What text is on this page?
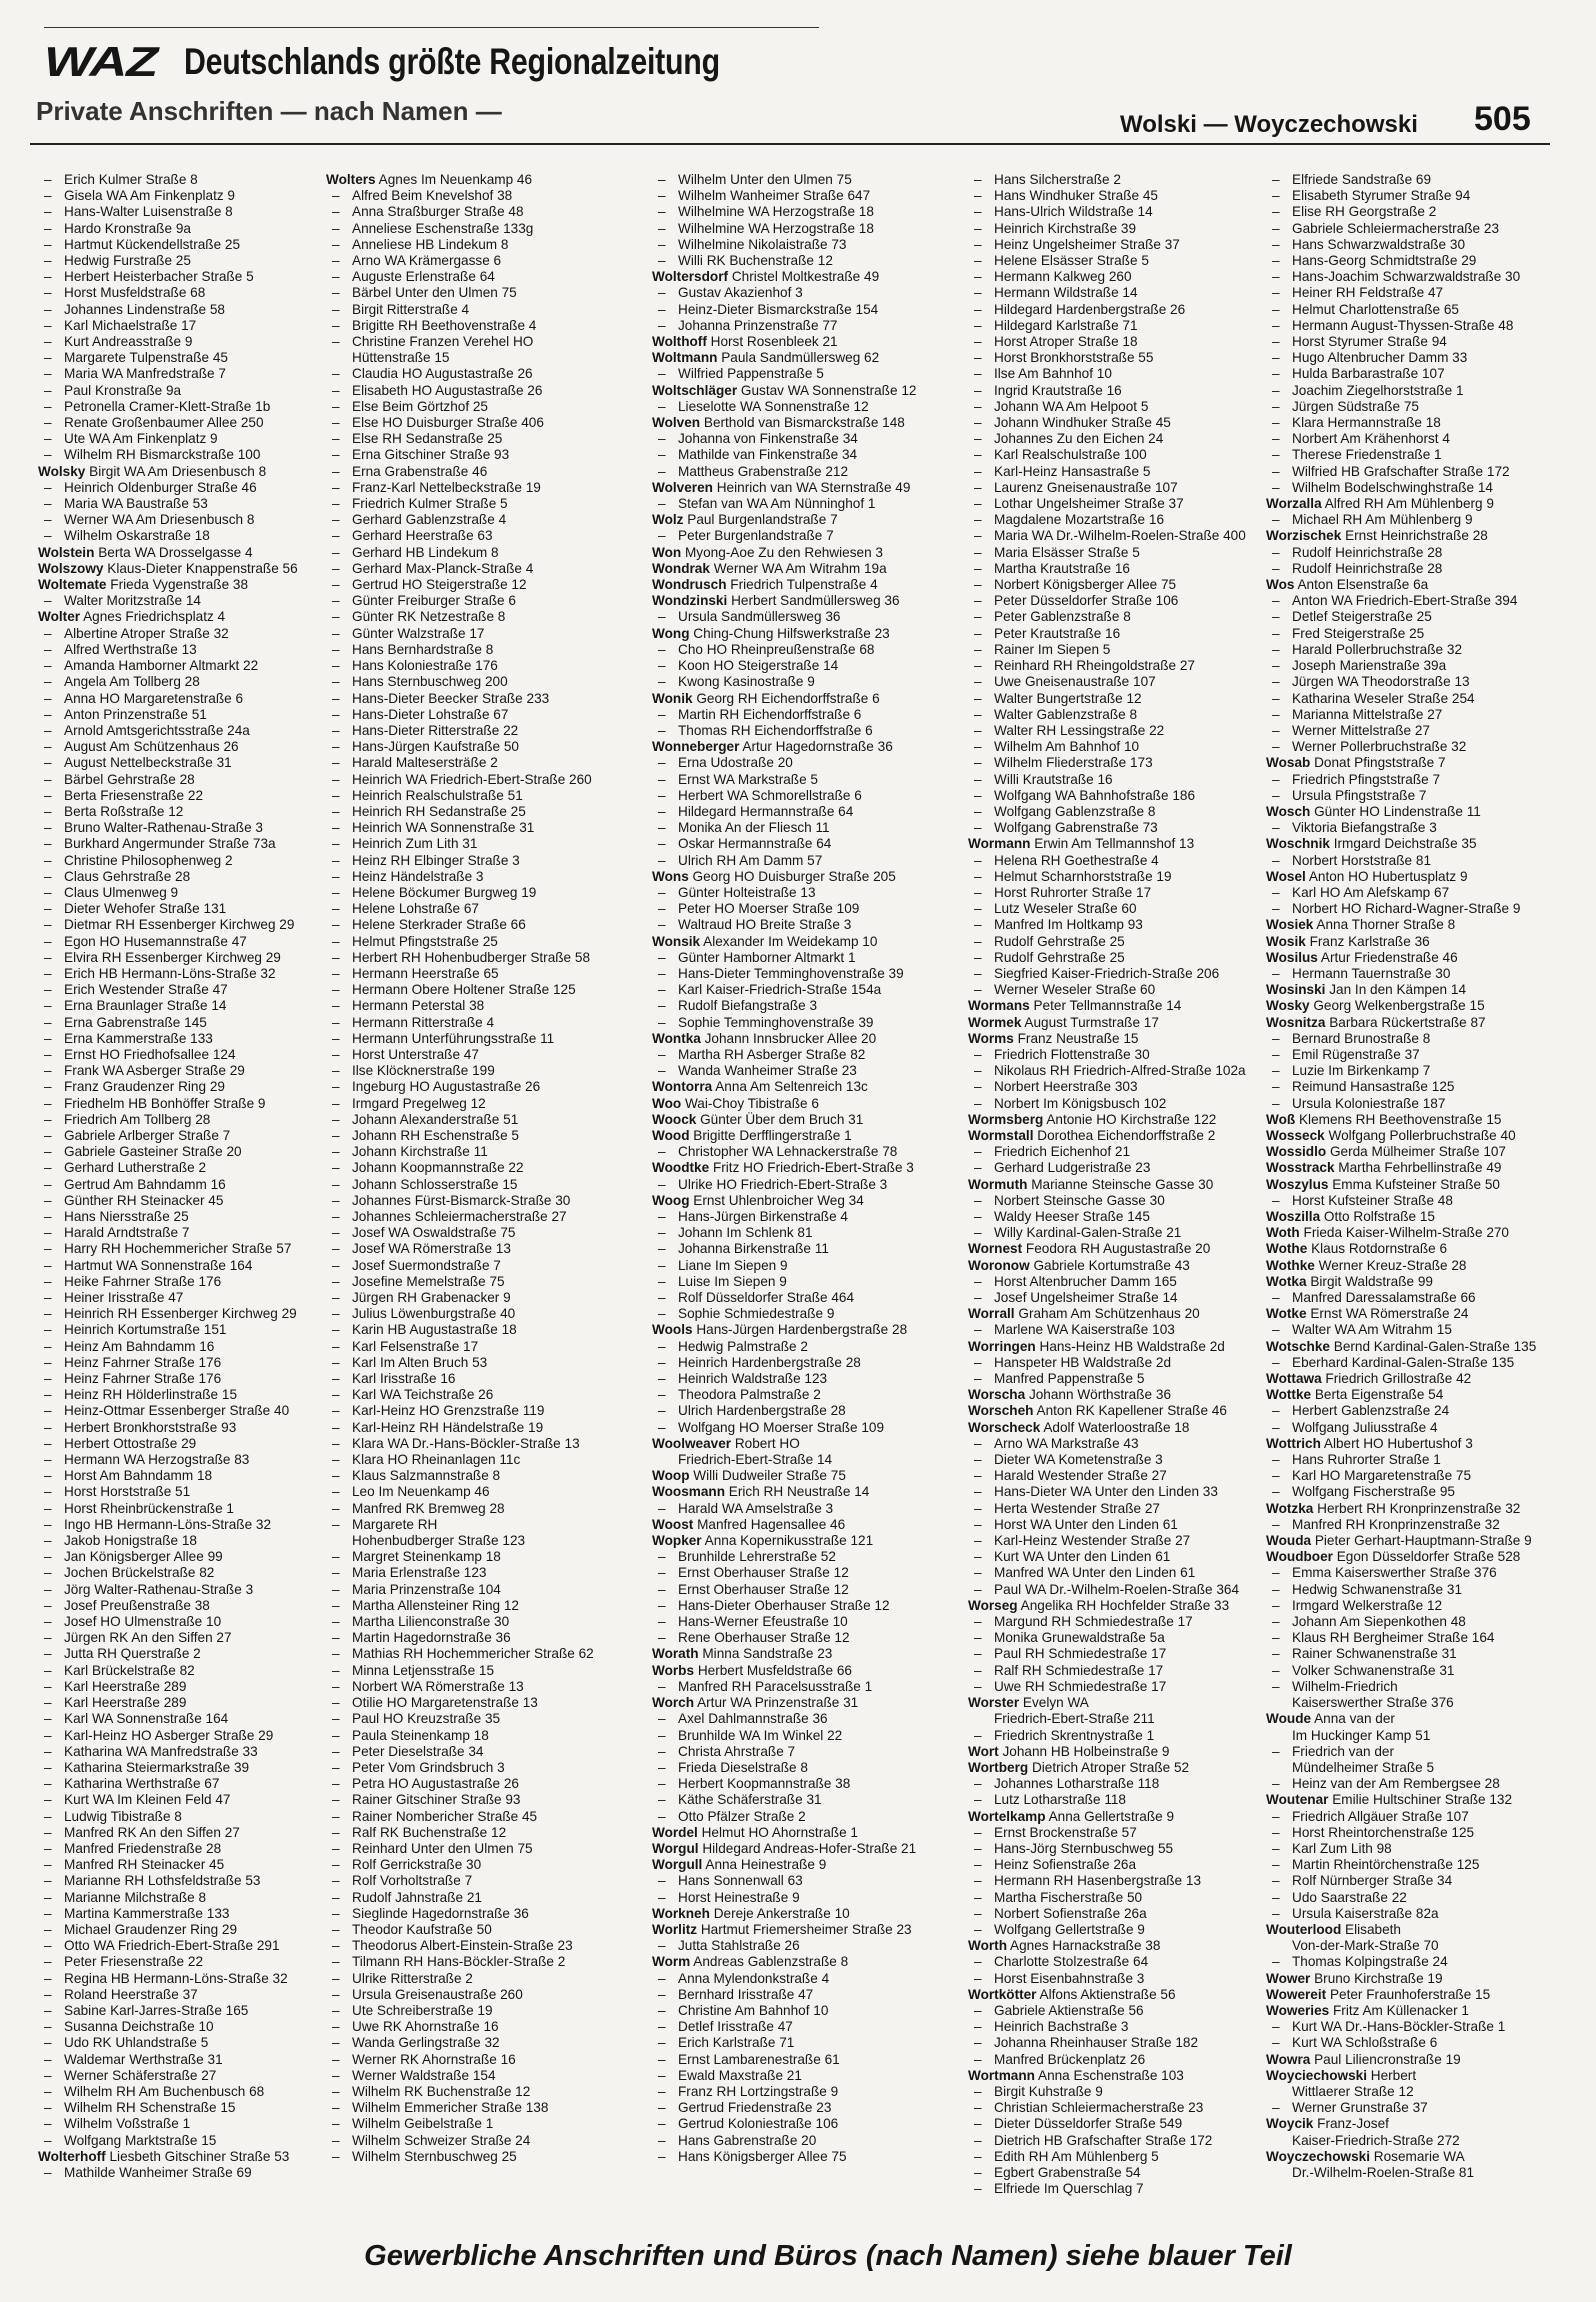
WAZ Deutschlands größte Regionalzeitung
Private Anschriften — nach Namen —	Wolski — Woyczechowski 505
– Erich Kulmer Straße 8
– Gisela WA Am Finkenplatz 9
– Hans-Walter Luisenstraße 8
– Hardo Kronstraße 9a
– Hartmut Kückendellstraße 25
– Hedwig Furstraße 25
– Herbert Heisterbacher Straße 5
– Horst Musfeldstraße 68
– Johannes Lindenstraße 58
– Karl Michaelstraße 17
– Kurt Andreasstraße 9
– Margarete Tulpenstraße 45
– Maria WA Manfredstraße 7
– Paul Kronstraße 9a
– Petronella Cramer-Klett-Straße 1b
– Renate Großenbaumer Allee 250
– Ute WA Am Finkenplatz 9
– Wilhelm RH Bismarckstraße 100
Wolsky Birgit WA Am Driesenbusch 8
– Heinrich Oldenburger Straße 46
– Maria WA Baustraße 53
– Werner WA Am Driesenbusch 8
– Wilhelm Oskarstraße 18
Wolstein Berta WA Drosselgasse 4
Wolszowy Klaus-Dieter Knappenstraße 56
Woltemate Frieda Vygenstraße 38
– Walter Moritzstraße 14
Wolter Agnes Friedrichsplatz 4
– Albertine Atroper Straße 32
– Alfred Werthstraße 13
– Amanda Hamborner Altmarkt 22
– Angela Am Tollberg 28
– Anna HO Margaretenstraße 6
– Anton Prinzenstraße 51
– Arnold Amtsgerichtsstraße 24a
– August Am Schützenhaus 26
– August Nettelbeckstraße 31
– Bärbel Gehrstraße 28
– Berta Friesenstraße 22
– Berta Roßstraße 12
– Bruno Walter-Rathenau-Straße 3
– Burkhard Angermunder Straße 73a
– Christine Philosophenweg 2
– Claus Gehrstraße 28
– Claus Ulmenweg 9
– Dieter Wehofer Straße 131
– Dietmar RH Essenberger Kirchweg 29
– Egon HO Husemannstraße 47
– Elvira RH Essenberger Kirchweg 29
– Erich HB Hermann-Löns-Straße 32
– Erich Westender Straße 47
– Erna Braunlager Straße 14
– Erna Gabrenstraße 145
– Erna Kammerstraße 133
– Ernst HO Friedhofsallee 124
– Frank WA Asberger Straße 29
– Franz Graudenzer Ring 29
– Friedhelm HB Bonhöffer Straße 9
– Friedrich Am Tollberg 28
– Gabriele Arlberger Straße 7
– Gabriele Gasteiner Straße 20
– Gerhard Lutherstraße 2
– Gertrud Am Bahndamm 16
– Günther RH Steinacker 45
– Hans Niersstraße 25
– Harald Arndtstraße 7
– Harry RH Hochemmericher Straße 57
– Hartmut WA Sonnenstraße 164
– Heike Fahrner Straße 176
– Heiner Irisstraße 47
– Heinrich RH Essenberger Kirchweg 29
– Heinrich Kortumstraße 151
– Heinz Am Bahndamm 16
– Heinz Fahrner Straße 176
– Heinz Fahrner Straße 176
– Heinz RH Hölderlinstraße 15
– Heinz-Ottmar Essenberger Straße 40
– Herbert Bronkhorststraße 93
– Herbert Ottostraße 29
– Hermann WA Herzogstraße 83
– Horst Am Bahndamm 18
– Horst Horststraße 51
– Horst Rheinbrückenstraße 1
– Ingo HB Hermann-Löns-Straße 32
– Jakob Honigstraße 18
– Jan Königsberger Allee 99
– Jochen Brückelstraße 82
– Jörg Walter-Rathenau-Straße 3
– Josef Preußenstraße 38
– Josef HO Ulmenstraße 10
– Jürgen RK An den Siffen 27
– Jutta RH Querstraße 2
– Karl Brückelstraße 82
– Karl Heerstraße 289
– Karl Heerstraße 289
– Karl WA Sonnenstraße 164
– Karl-Heinz HO Asberger Straße 29
– Katharina WA Manfredstraße 33
– Katharina Steiermarkstraße 39
– Katharina Werthstraße 67
– Kurt WA Im Kleinen Feld 47
– Ludwig Tibistraße 8
– Manfred RK An den Siffen 27
– Manfred Friedenstraße 28
– Manfred RH Steinacker 45
– Marianne RH Lothsfeldstraße 53
– Marianne Milchstraße 8
– Martina Kammerstraße 133
– Michael Graudenzer Ring 29
– Otto WA Friedrich-Ebert-Straße 291
– Peter Friesenstraße 22
– Regina HB Hermann-Löns-Straße 32
– Roland Heerstraße 37
– Sabine Karl-Jarres-Straße 165
– Susanna Deichstraße 10
– Udo RK Uhlandstraße 5
– Waldemar Werthstraße 31
– Werner Schäferstraße 27
– Wilhelm RH Am Buchenbusch 68
– Wilhelm RH Schenstraße 15
– Wilhelm Voßstraße 1
– Wolfgang Marktstraße 15
Wolterhoff Liesbeth Gitschiner Straße 53
– Mathilde Wanheimer Straße 69
Wolters Agnes Im Neuenkamp 46
– Alfred Beim Knevelshof 38
– Anna Straßburger Straße 48
– Anneliese Eschenstraße 133g
– Anneliese HB Lindekum 8
– Arno WA Krämergasse 6
– Auguste Erlenstraße 64
– Bärbel Unter den Ulmen 75
– Birgit Ritterstraße 4
– Brigitte RH Beethovenstraße 4
– Christine Franzen Verehel HO
Hüttenstraße 15
– Claudia HO Augustastraße 26
– Elisabeth HO Augustastraße 26
– Else Beim Görtzhof 25
– Else HO Duisburger Straße 406
– Else RH Sedanstraße 25
– Erna Gitschiner Straße 93
– Erna Grabenstraße 46
– Franz-Karl Nettelbeckstraße 19
– Friedrich Kulmer Straße 5
– Gerhard Gablenzstraße 4
– Gerhard Heerstraße 63
– Gerhard HB Lindekum 8
– Gerhard Max-Planck-Straße 4
– Gertrud HO Steigerstraße 12
– Günter Freiburger Straße 6
– Günter RK Netzestraße 8
– Günter Walzstraße 17
– Hans Bernhardstraße 8
– Hans Koloniestraße 176
– Hans Sternbuschweg 200
– Hans-Dieter Beecker Straße 233
– Hans-Dieter Lohstraße 67
– Hans-Dieter Ritterstraße 22
– Hans-Jürgen Kaufstraße 50
– Harald Maltesersträße 2
– Heinrich WA Friedrich-Ebert-Straße 260
– Heinrich Realschulstraße 51
– Heinrich RH Sedanstraße 25
– Heinrich WA Sonnenstraße 31
– Heinrich Zum Lith 31
– Heinz RH Elbinger Straße 3
– Heinz Händelstraße 3
– Helene Böckumer Burgweg 19
– Helene Lohstraße 67
– Helene Sterkrader Straße 66
– Helmut Pfingststraße 25
– Herbert RH Hohenbudberger Straße 58
– Hermann Heerstraße 65
– Hermann Obere Holtener Straße 125
– Hermann Peterstal 38
– Hermann Ritterstraße 4
– Hermann Unterführungsstraße 11
– Horst Unterstraße 47
– Ilse Klöcknerstraße 199
– Ingeburg HO Augustastraße 26
– Irmgard Pregelweg 12
– Johann Alexanderstraße 51
– Johann RH Eschenstraße 5
– Johann Kirchstraße 11
– Johann Koopmannstraße 22
– Johann Schlosserstraße 15
– Johannes Fürst-Bismarck-Straße 30
– Johannes Schleiermacherstraße 27
– Josef WA Oswaldstraße 75
– Josef WA Römerstraße 13
– Josef Suermondstraße 7
– Josefine Memelstraße 75
– Jürgen RH Grabenacker 9
– Julius Löwenburgstraße 40
– Karin HB Augustastraße 18
– Karl Felsenstraße 17
– Karl Im Alten Bruch 53
– Karl Irisstraße 16
– Karl WA Teichstraße 26
– Karl-Heinz HO Grenzstraße 119
– Karl-Heinz RH Händelstraße 19
– Klara WA Dr.-Hans-Böckler-Straße 13
– Klara HO Rheinanlagen 11c
– Klaus Salzmannstraße 8
– Leo Im Neuenkamp 46
– Manfred RK Bremweg 28
– Margarete RH
Hohenbudberger Straße 123
– Margret Steinenkamp 18
– Maria Erlenstraße 123
– Maria Prinzenstraße 104
– Martha Allensteiner Ring 12
– Martha Lilienconstraße 30
– Martin Hagedornstraße 36
– Mathias RH Hochemmericher Straße 62
– Minna Letjensstraße 15
– Norbert WA Römerstraße 13
– Otilie HO Margaretenstraße 13
– Paul HO Kreuzstraße 35
– Paula Steinenkamp 18
– Peter Dieselstraße 34
– Peter Vom Grindsbruch 3
– Petra HO Augustastraße 26
– Rainer Gitschiner Straße 93
– Rainer Nombericher Straße 45
– Ralf RK Buchenstraße 12
– Reinhard Unter den Ulmen 75
– Rolf Gerrickstraße 30
– Rolf Vorholtstraße 7
– Rudolf Jahnstraße 21
– Sieglinde Hagedornstraße 36
– Theodor Kaufstraße 50
– Theodorus Albert-Einstein-Straße 23
– Tilmann RH Hans-Böckler-Straße 2
– Ulrike Ritterstraße 2
– Ursula Greisenaustraße 260
– Ute Schreiberstraße 19
– Uwe RK Ahornstraße 16
– Wanda Gerlingstraße 32
– Werner RK Ahornstraße 16
– Werner Waldstraße 154
– Wilhelm RK Buchenstraße 12
– Wilhelm Emmericher Straße 138
– Wilhelm Geibelstraße 1
– Wilhelm Schweizer Straße 24
– Wilhelm Sternbuschweg 25
– Wilhelm Unter den Ulmen 75
– Wilhelm Wanheimer Straße 647
– Wilhelmine WA Herzogstraße 18
– Wilhelmine WA Herzogstraße 18
– Wilhelmine Nikolaistraße 73
– Willi RK Buchenstraße 12
Woltersdorf Christel Moltkestraße 49
– Gustav Akazienhof 3
– Heinz-Dieter Bismarckstraße 154
– Johanna Prinzenstraße 77
Wolthoff Horst Rosenbleek 21
Woltmann Paula Sandmüllersweg 62
– Wilfried Pappenstraße 5
Woltschläger Gustav WA Sonnenstraße 12
– Lieselotte WA Sonnenstraße 12
Wolven Berthold van Bismarckstraße 148
– Johanna von Finkenstraße 34
– Mathilde van Finkenstraße 34
– Mattheus Grabenstraße 212
Wolveren Heinrich van WA Sternstraße 49
– Stefan van WA Am Nünninghof 1
Wolz Paul Burgenlandstraße 7
– Peter Burgenlandstraße 7
Won Myong-Aoe Zu den Rehwiesen 3
Wondrak Werner WA Am Witrahm 19a
Wondrusch Friedrich Tulpenstraße 4
Wondzinski Herbert Sandmüllersweg 36
– Ursula Sandmüllersweg 36
Wong Ching-Chung Hilfswerkstraße 23
– Cho HO Rheinpreußenstraße 68
– Koon HO Steigerstraße 14
– Kwong Kasinostraße 9
Wonik Georg RH Eichendorffstraße 6
– Martin RH Eichendorffstraße 6
– Thomas RH Eichendorffstraße 6
Wonneberger Artur Hagedornstraße 36
– Erna Udostraße 20
– Ernst WA Markstraße 5
– Herbert WA Schmorellstraße 6
– Hildegard Hermannstraße 64
– Monika An der Fliesch 11
– Oskar Hermannstraße 64
– Ulrich RH Am Damm 57
Wons Georg HO Duisburger Straße 205
– Günter Holteistraße 13
– Peter HO Moerser Straße 109
– Waltraud HO Breite Straße 3
Wonsik Alexander Im Weidekamp 10
– Günter Hamborner Altmarkt 1
– Hans-Dieter Temminghovenstraße 39
– Karl Kaiser-Friedrich-Straße 154a
– Rudolf Biefangstraße 3
– Sophie Temminghovenstraße 39
Wontka Johann Innsbrucker Allee 20
– Martha RH Asberger Straße 82
– Wanda Wanheimer Straße 23
Wontorra Anna Am Seltenreich 13c
Woo Wai-Choy Tibistraße 6
Woock Günter Über dem Bruch 31
Wood Brigitte Derfflingerstraße 1
– Christopher WA Lehnackerstraße 78
Woodtke Fritz HO Friedrich-Ebert-Straße 3
– Ulrike HO Friedrich-Ebert-Straße 3
Woog Ernst Uhlenbroicher Weg 34
– Hans-Jürgen Birkenstraße 4
– Johann Im Schlenk 81
– Johanna Birkenstraße 11
– Liane Im Siepen 9
– Luise Im Siepen 9
– Rolf Düsseldorfer Straße 464
– Sophie Schmiedestraße 9
Wools Hans-Jürgen Hardenbergstraße 28
– Hedwig Palmstraße 2
– Heinrich Hardenbergstraße 28
– Heinrich Waldstraße 123
– Theodora Palmstraße 2
– Ulrich Hardenbergstraße 28
– Wolfgang HO Moerser Straße 109
Woolweaver Robert HO
Friedrich-Ebert-Straße 14
Woop Willi Dudweiler Straße 75
Woosmann Erich RH Neustraße 14
– Harald WA Amselstraße 3
Woost Manfred Hagensallee 46
Wopker Anna Kopernikusstraße 121
– Brunhilde Lehrerstraße 52
– Ernst Oberhauser Straße 12
– Ernst Oberhauser Straße 12
– Hans-Dieter Oberhauser Straße 12
– Hans-Werner Efeustraße 10
– Rene Oberhauser Straße 12
Worath Minna Sandstraße 23
Worbs Herbert Musfeldstraße 66
– Manfred RH Paracelsusstraße 1
Worch Artur WA Prinzenstraße 31
– Axel Dahlmannstraße 36
– Brunhilde WA Im Winkel 22
– Christa Ahrstraße 7
– Frieda Dieselstraße 8
– Herbert Koopmannstraße 38
– Käthe Schäferstraße 31
– Otto Pfälzer Straße 2
Wordel Helmut HO Ahornstraße 1
Worgul Hildegard Andreas-Hofer-Straße 21
Worgull Anna Heinestraße 9
– Hans Sonnenwall 63
– Horst Heinestraße 9
Workneh Dereje Ankerstraße 10
Worlitz Hartmut Friemersheimer Straße 23
– Jutta Stahlstraße 26
Worm Andreas Gablenzstraße 8
– Anna Mylendonkstraße 4
– Bernhard Irisstraße 47
– Christine Am Bahnhof 10
– Detlef Irisstraße 47
– Erich Karlstraße 71
– Ernst Lambarenestraße 61
– Ewald Maxstraße 21
– Franz RH Lortzingstraße 9
– Gertrud Friedenstraße 23
– Gertrud Koloniestraße 106
– Hans Gabrenstraße 20
– Hans Königsberger Allee 75
– Hans Silcherstraße 2
– Hans Windhuker Straße 45
– Hans-Ulrich Wildstraße 14
– Heinrich Kirchstraße 39
– Heinz Ungelsheimer Straße 37
– Helene Elsässer Straße 5
– Hermann Kalkweg 260
– Hermann Wildstraße 14
– Hildegard Hardenbergstraße 26
– Hildegard Karlstraße 71
– Horst Atroper Straße 18
– Horst Bronkhorststraße 55
– Ilse Am Bahnhof 10
– Ingrid Krautstraße 16
– Johann WA Am Helpoot 5
– Johann Windhuker Straße 45
– Johannes Zu den Eichen 24
– Karl Realschulstraße 100
– Karl-Heinz Hansastraße 5
– Laurenz Gneisenaustraße 107
– Lothar Ungelsheimer Straße 37
– Magdalene Mozartstraße 16
– Maria WA Dr.-Wilhelm-Roelen-Straße 400
– Maria Elsässer Straße 5
– Martha Krautstraße 16
– Norbert Königsberger Allee 75
– Peter Düsseldorfer Straße 106
– Peter Gablenzstraße 8
– Peter Krautstraße 16
– Rainer Im Siepen 5
– Reinhard RH Rheingoldstraße 27
– Uwe Gneisenaustraße 107
– Walter Bungertstraße 12
– Walter Gablenzstraße 8
– Walter RH Lessingstraße 22
– Wilhelm Am Bahnhof 10
– Wilhelm Fliederstraße 173
– Willi Krautstraße 16
– Wolfgang WA Bahnhofstraße 186
– Wolfgang Gablenzstraße 8
– Wolfgang Gabrenstraße 73
Wormann Erwin Am Tellmannshof 13
– Helena RH Goethestraße 4
– Helmut Scharnhorststraße 19
– Horst Ruhrorter Straße 17
– Lutz Weseler Straße 60
– Manfred Im Holtkamp 93
– Rudolf Gehrstraße 25
– Rudolf Gehrstraße 25
– Siegfried Kaiser-Friedrich-Straße 206
– Werner Weseler Straße 60
Wormans Peter Tellmannstraße 14
Wormek August Turmstraße 17
Worms Franz Neustraße 15
– Friedrich Flottenstraße 30
– Nikolaus RH Friedrich-Alfred-Straße 102a
– Norbert Heerstraße 303
– Norbert Im Königsbusch 102
Wormsberg Antonie HO Kirchstraße 122
Wormstall Dorothea Eichendorffstraße 2
– Friedrich Eichenhof 21
– Gerhard Ludgeristraße 23
Wormuth Marianne Steinsche Gasse 30
– Norbert Steinsche Gasse 30
– Waldy Heeser Straße 145
– Willy Kardinal-Galen-Straße 21
Wornest Feodora RH Augustastraße 20
Woronow Gabriele Kortumstraße 43
– Horst Altenbrucher Damm 165
– Josef Ungelsheimer Straße 14
Worrall Graham Am Schützenhaus 20
– Marlene WA Kaiserstraße 103
Worringen Hans-Heinz HB Waldstraße 2d
– Hanspeter HB Waldstraße 2d
– Manfred Pappenstraße 5
Worscha Johann Wörthstraße 36
Worscheh Anton RK Kapellener Straße 46
Worscheck Adolf Waterloostraße 18
– Arno WA Markstraße 43
– Dieter WA Kometenstraße 3
– Harald Westender Straße 27
– Hans-Dieter WA Unter den Linden 33
– Herta Westender Straße 27
– Horst WA Unter den Linden 61
– Karl-Heinz Westender Straße 27
– Kurt WA Unter den Linden 61
– Manfred WA Unter den Linden 61
– Paul WA Dr.-Wilhelm-Roelen-Straße 364
Worseg Angelika RH Hochfelder Straße 33
– Margund RH Schmiedestraße 17
– Monika Grunewaldstraße 5a
– Paul RH Schmiedestraße 17
– Ralf RH Schmiedestraße 17
– Uwe RH Schmiedestraße 17
Worster Evelyn WA
Friedrich-Ebert-Straße 211
– Friedrich Skrentnystraße 1
Wort Johann HB Holbeinstraße 9
Wortberg Dietrich Atroper Straße 52
– Johannes Lotharstraße 118
– Lutz Lotharstraße 118
Wortelkamp Anna Gellertstraße 9
– Ernst Brockenstraße 57
– Hans-Jörg Sternbuschweg 55
– Heinz Sofienstraße 26a
– Hermann RH Hasenbergstraße 13
– Martha Fischerstraße 50
– Norbert Sofienstraße 26a
– Wolfgang Gellertstraße 9
Worth Agnes Harnackstraße 38
– Charlotte Stolzestraße 64
– Horst Eisenbahnstraße 3
Wortkötter Alfons Aktienstraße 56
– Gabriele Aktienstraße 56
– Heinrich Bachstraße 3
– Johanna Rheinhauser Straße 182
– Manfred Brückenplatz 26
Wortmann Anna Eschenstraße 103
– Birgit Kuhstraße 9
– Christian Schleiermacherstraße 23
– Dieter Düsseldorfer Straße 549
– Dietrich HB Grafschafter Straße 172
– Edith RH Am Mühlenberg 5
– Egbert Grabenstraße 54
– Elfriede Im Querschlag 7
– Elfriede Sandstraße 69
– Elisabeth Styrumer Straße 94
– Elise RH Georgstraße 2
– Gabriele Schleiermacherstraße 23
– Hans Schwarzwaldstraße 30
– Hans-Georg Schmidtstraße 29
– Hans-Joachim Schwarzwaldstraße 30
– Heiner RH Feldstraße 47
– Helmut Charlottenstraße 65
– Hermann August-Thyssen-Straße 48
– Horst Styrumer Straße 94
– Hugo Altenbrucher Damm 33
– Hulda Barbarastraße 107
– Joachim Ziegelhorststraße 1
– Jürgen Südstraße 75
– Klara Hermannstraße 18
– Norbert Am Krähenhorst 4
– Therese Friedenstraße 1
– Wilfried HB Grafschafter Straße 172
– Wilhelm Bodelschwinghstraße 14
Worzalla Alfred RH Am Mühlenberg 9
– Michael RH Am Mühlenberg 9
Worzischek Ernst Heinrichstraße 28
– Rudolf Heinrichstraße 28
– Rudolf Heinrichstraße 28
Wos Anton Elsenstraße 6a
– Anton WA Friedrich-Ebert-Straße 394
– Detlef Steigerstraße 25
– Fred Steigerstraße 25
– Harald Pollerbruchstraße 32
– Joseph Marienstraße 39a
– Jürgen WA Theodorstraße 13
– Katharina Weseler Straße 254
– Marianna Mittelstraße 27
– Werner Mittelstraße 27
– Werner Pollerbruchstraße 32
Wosab Donat Pfingststraße 7
– Friedrich Pfingststraße 7
– Ursula Pfingststraße 7
Wosch Günter HO Lindenstraße 11
– Viktoria Biefangstraße 3
Woschnik Irmgard Deichstraße 35
– Norbert Horststraße 81
Wosel Anton HO Hubertusplatz 9
– Karl HO Am Alefskamp 67
– Norbert HO Richard-Wagner-Straße 9
Wosiek Anna Thorner Straße 8
Wosik Franz Karlstraße 36
Wosilus Artur Friedenstraße 46
– Hermann Tauernstraße 30
Wosinski Jan In den Kämpen 14
Wosky Georg Welkenbergstraße 15
Wosnitza Barbara Rückertstraße 87
– Bernard Brunostraße 8
– Emil Rügenstraße 37
– Luzie Im Birkenkamp 7
– Reimund Hansastraße 125
– Ursula Koloniestraße 187
Woß Klemens RH Beethovenstraße 15
Wosseck Wolfgang Pollerbruchstraße 40
Wossidlo Gerda Mülheimer Straße 107
Wosstrack Martha Fehrbellinstraße 49
Woszylus Emma Kufsteiner Straße 50
– Horst Kufsteiner Straße 48
Woszilla Otto Rolfstraße 15
Woth Frieda Kaiser-Wilhelm-Straße 270
Wothe Klaus Rotdornstraße 6
Wothke Werner Kreuz-Straße 28
Wotka Birgit Waldstraße 99
– Manfred Daressalamstraße 66
Wotke Ernst WA Römerstraße 24
– Walter WA Am Witrahm 15
Wotschke Bernd Kardinal-Galen-Straße 135
– Eberhard Kardinal-Galen-Straße 135
Wottawa Friedrich Grillostraße 42
Wottke Berta Eigenstraße 54
– Herbert Gablenzstraße 24
– Wolfgang Juliusstraße 4
Wottrich Albert HO Hubertushof 3
– Hans Ruhrorter Straße 1
– Karl HO Margaretenstraße 75
– Wolfgang Fischerstraße 95
Wotzka Herbert RH Kronprinzenstraße 32
– Manfred RH Kronprinzenstraße 32
Wouda Pieter Gerhart-Hauptmann-Straße 9
Woudboer Egon Düsseldorfer Straße 528
– Emma Kaiserswerther Straße 376
– Hedwig Schwanenstraße 31
– Irmgard Welkerstraße 12
– Johann Am Siepenkothen 48
– Klaus RH Bergheimer Straße 164
– Rainer Schwanenstraße 31
– Volker Schwanenstraße 31
– Wilhelm-Friedrich
Kaiserswerther Straße 376
Woude Anna van der
Im Huckinger Kamp 51
– Friedrich van der
Mündelheimer Straße 5
– Heinz van der Am Rembergsee 28
Woutenar Emilie Hultschiner Straße 132
– Friedrich Allgäuer Straße 107
– Horst Rheintorchenstraße 125
– Karl Zum Lith 98
– Martin Rheintörchenstraße 125
– Rolf Nürnberger Straße 34
– Udo Saarstraße 22
– Ursula Kaiserstraße 82a
Wouterlood Elisabeth
Von-der-Mark-Straße 70
– Thomas Kolpingstraße 24
Wower Bruno Kirchstraße 19
Wowereit Peter Fraunhoferstraße 15
Woweries Fritz Am Küllenacker 1
– Kurt WA Dr.-Hans-Böckler-Straße 1
– Kurt WA Schloßstraße 6
Wowra Paul Liliencronstraße 19
Woyciechowski Herbert
Wittlaerer Straße 12
– Werner Grunstraße 37
Woycik Franz-Josef
Kaiser-Friedrich-Straße 272
Woyczechowski Rosemarie WA
Dr.-Wilhelm-Roelen-Straße 81
Gewerbliche Anschriften und Büros (nach Namen) siehe blauer Teil
